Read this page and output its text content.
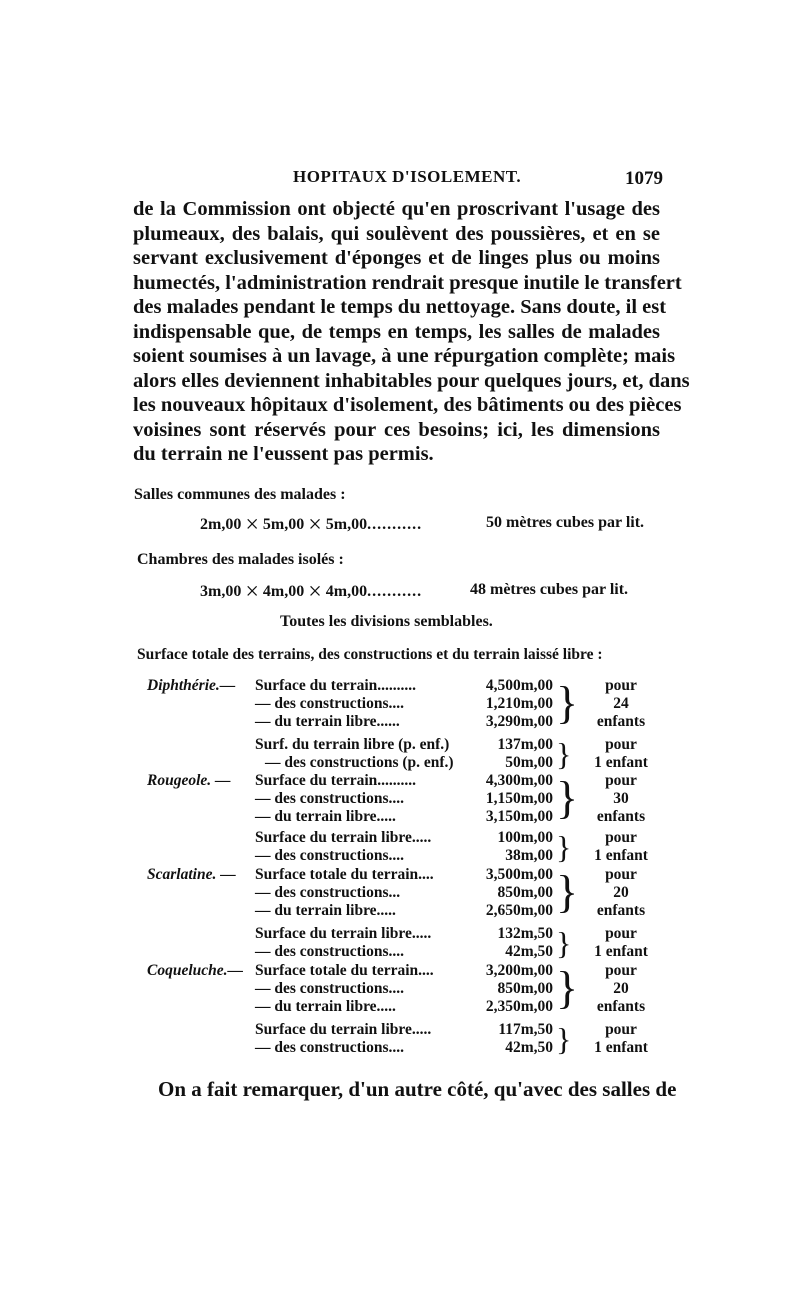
HOPITAUX D'ISOLEMENT.	1079
de la Commission ont objecté qu'en proscrivant l'usage des
plumeaux, des balais, qui soulèvent des poussières, et en se
servant exclusivement d'éponges et de linges plus ou moins
humectés, l'administration rendrait presque inutile le transfert
des malades pendant le temps du nettoyage. Sans doute, il est
indispensable que, de temps en temps, les salles de malades
soient soumises à un lavage, à une répurgation complète; mais
alors elles deviennent inhabitables pour quelques jours, et, dans
les nouveaux hôpitaux d'isolement, des bâtiments ou des pièces
voisines sont réservés pour ces besoins; ici, les dimensions
du terrain ne l'eussent pas permis.
Salles communes des malades :
2m,00 × 5m,00 × 5m,00...........	50 mètres cubes par lit.
Chambres des malades isolés :
3m,00 × 4m,00 × 4m,00...........	48 mètres cubes par lit.
Toutes les divisions semblables.
Surface totale des terrains, des constructions et du terrain laissé libre :
Diphthérie.— Surface du terrain..........	4,500m,00
— des constructions....	1,210m,00
— du terrain libre......	3,290m,00 }	pour
24
enfants
Surf. du terrain libre (p. enf.)	137m,00
— des constructions (p. enf.)	50m,00 }	pour
1 enfant
Rougeole. — Surface du terrain..........	4,300m,00
— des constructions....	1,150m,00
— du terrain libre.....	3,150m,00 }	pour
30
enfants
Surface du terrain libre.....	100m,00
— des constructions....	38m,00 }	pour
1 enfant
Scarlatine. — Surface totale du terrain....	3,500m,00
— des constructions...	850m,00
— du terrain libre.....	2,650m,00 }	pour
20
enfants
Surface du terrain libre.....	132m,50
— des constructions....	42m,50 }	pour
1 enfant
Coqueluche.— Surface totale du terrain....	3,200m,00
— des constructions....	850m,00
— du terrain libre.....	2,350m,00 }	pour
20
enfants
Surface du terrain libre.....	117m,50
— des constructions....	42m,50 }	pour
1 enfant
On a fait remarquer, d'un autre côté, qu'avec des salles de
